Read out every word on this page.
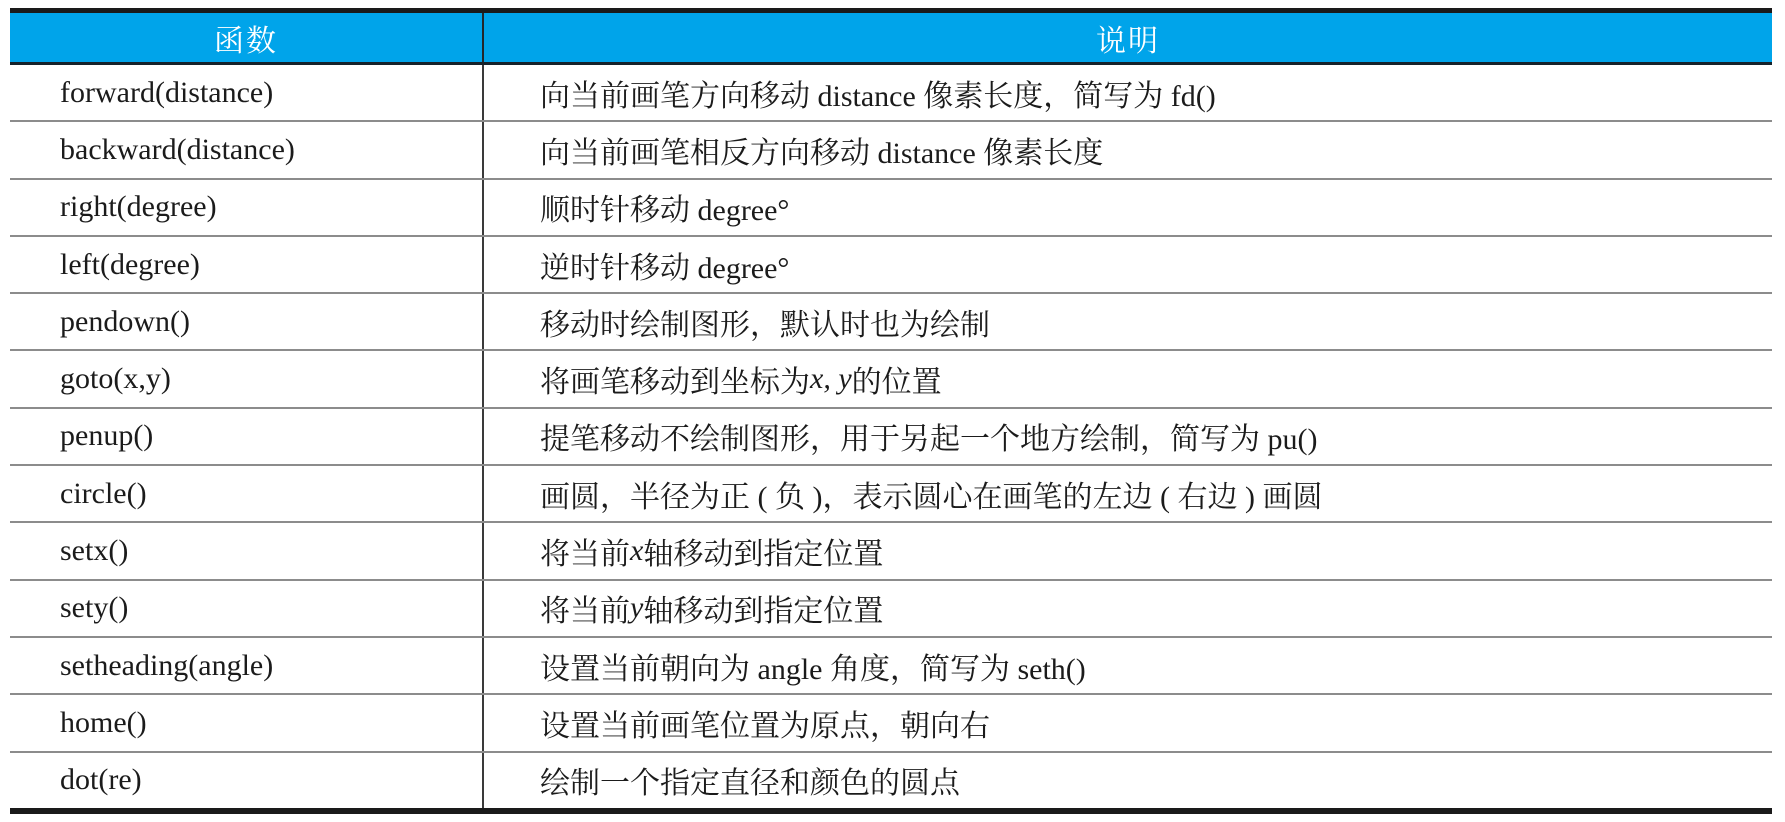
函数	说明
forward(distance)	向当前画笔方向移动 distance 像素长度，简写为 fd()
backward(distance)	向当前画笔相反方向移动 distance 像素长度
right(degree)	顺时针移动 degree°
left(degree)	逆时针移动 degree°
pendown()	移动时绘制图形，默认时也为绘制
goto(x,y)	将画笔移动到坐标为 x, y 的位置
penup()	提笔移动不绘制图形，用于另起一个地方绘制，简写为 pu()
circle()	画圆，半径为正 ( 负 )，表示圆心在画笔的左边 ( 右边 ) 画圆
setx()	将当前 x 轴移动到指定位置
sety()	将当前 y 轴移动到指定位置
setheading(angle)	设置当前朝向为 angle 角度，简写为 seth()
home()	设置当前画笔位置为原点，朝向右
dot(re)	绘制一个指定直径和颜色的圆点
